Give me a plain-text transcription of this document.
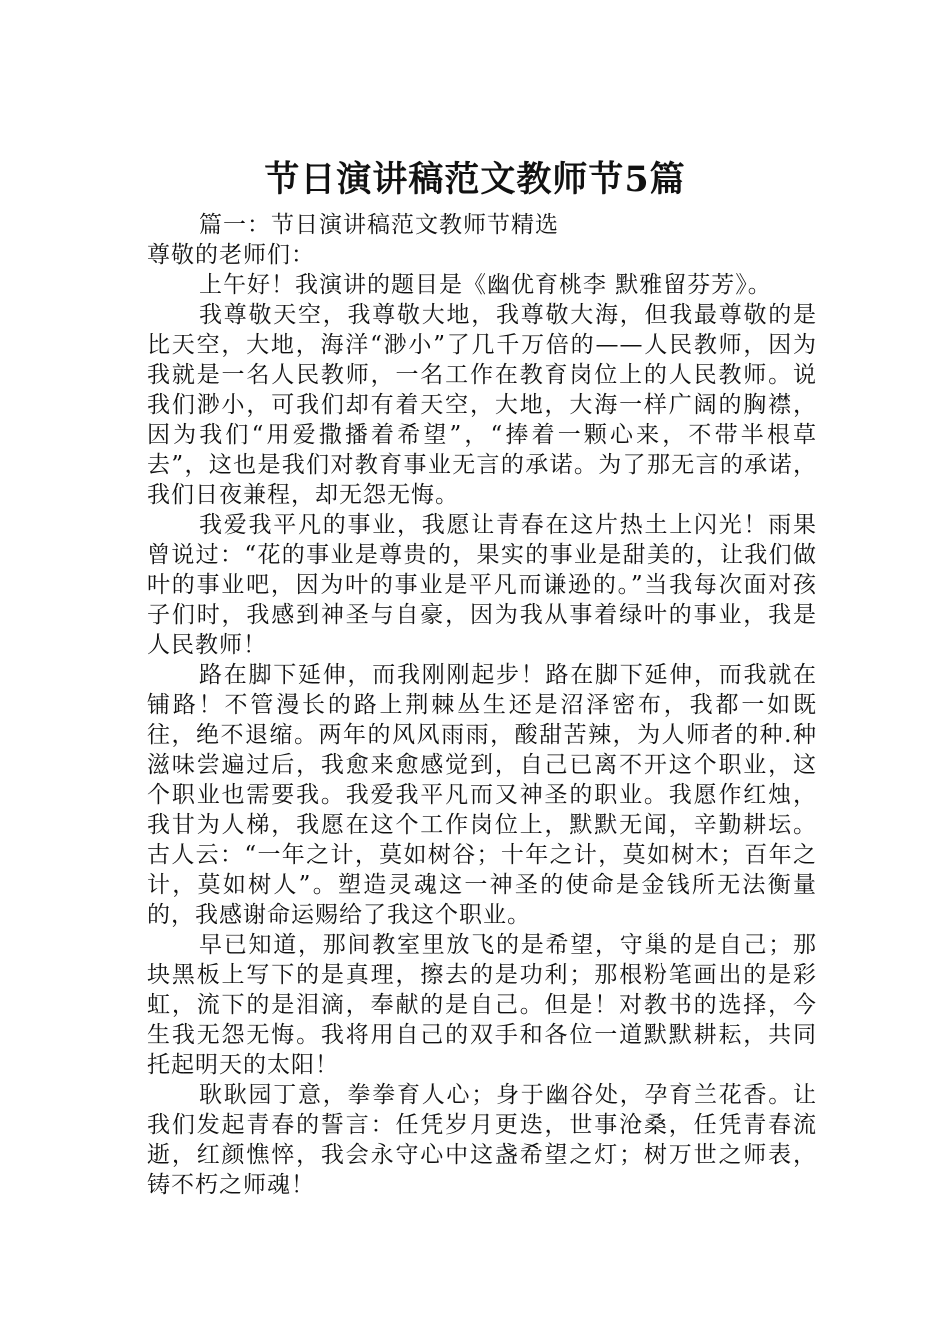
节日演讲稿范文教师节5篇

篇一：节日演讲稿范文教师节精选

尊敬的老师们：

上午好！我演讲的题目是《幽优育桃李 默雅留芬芳》。

我尊敬天空，我尊敬大地，我尊敬大海，但我最尊敬的是比天空，大地，海洋“渺小”了几千万倍的——人民教师，因为我就是一名人民教师，一名工作在教育岗位上的人民教师。说我们渺小，可我们却有着天空，大地，大海一样广阔的胸襟，因为我们“用爱撒播着希望”，“捧着一颗心来，不带半根草去”，这也是我们对教育事业无言的承诺。为了那无言的承诺，我们日夜兼程，却无怨无悔。

我爱我平凡的事业，我愿让青春在这片热土上闪光！雨果曾说过：“花的事业是尊贵的，果实的事业是甜美的，让我们做叶的事业吧，因为叶的事业是平凡而谦逊的。”当我每次面对孩子们时，我感到神圣与自豪，因为我从事着绿叶的事业，我是人民教师！

路在脚下延伸，而我刚刚起步！路在脚下延伸，而我就在铺路！不管漫长的路上荆棘丛生还是沼泽密布，我都一如既往，绝不退缩。两年的风风雨雨，酸甜苦辣，为人师者的种.种滋味尝遍过后，我愈来愈感觉到，自己已离不开这个职业，这个职业也需要我。我爱我平凡而又神圣的职业。我愿作红烛，我甘为人梯，我愿在这个工作岗位上，默默无闻，辛勤耕坛。古人云：“一年之计，莫如树谷；十年之计，莫如树木；百年之计，莫如树人”。塑造灵魂这一神圣的使命是金钱所无法衡量的，我感谢命运赐给了我这个职业。

早已知道，那间教室里放飞的是希望，守巢的是自己；那块黑板上写下的是真理，擦去的是功利；那根粉笔画出的是彩虹，流下的是泪滴，奉献的是自己。但是！对教书的选择，今生我无怨无悔。我将用自己的双手和各位一道默默耕耘，共同托起明天的太阳！

耿耿园丁意，拳拳育人心；身于幽谷处，孕育兰花香。让我们发起青春的誓言：任凭岁月更迭，世事沧桑，任凭青春流逝，红颜憔悴，我会永守心中这盏希望之灯；树万世之师表，铸不朽之师魂！
